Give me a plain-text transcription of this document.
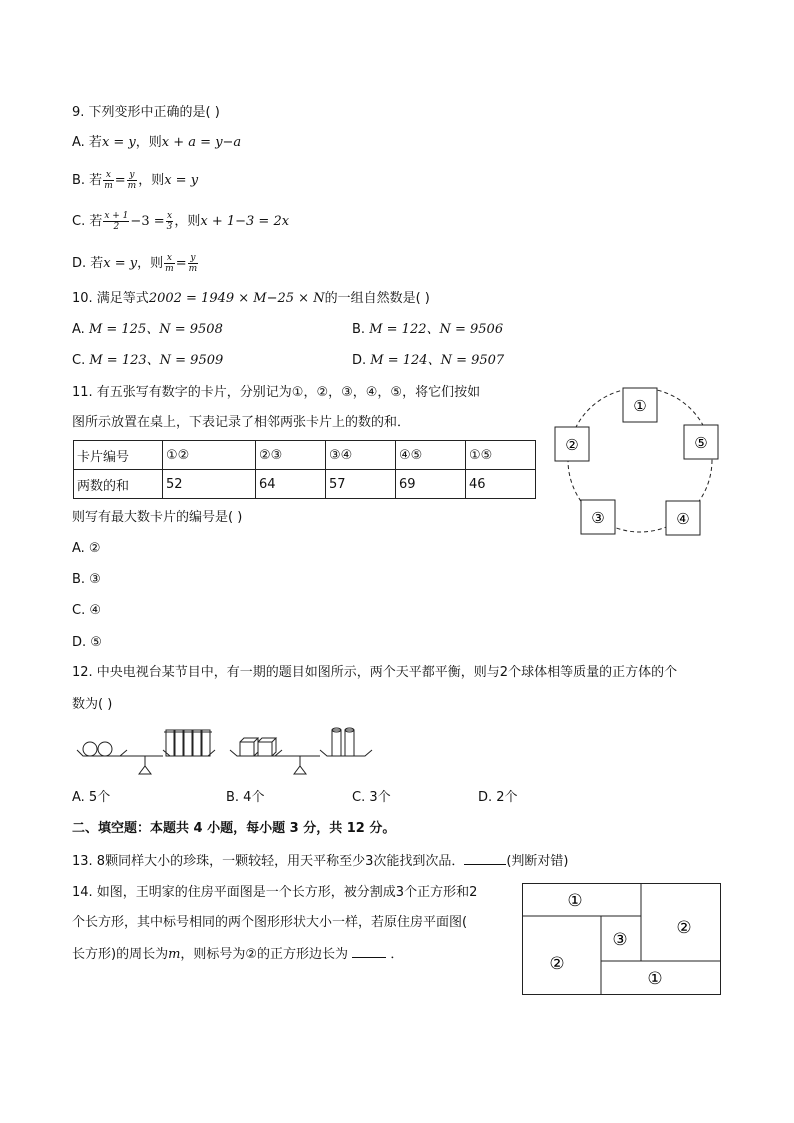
9. 下列变形中正确的是( )
A. 若x = y，则x + a = y−a
B. 若 $\frac{x}{m} = \frac{y}{m}$ ，则x = y
C. 若 $\frac{x + 1}{2} -3 = \frac{x}{3}$ ，则x + 1−3 = 2x
D. 若x = y，则 $\frac{x}{m} = \frac{y}{m}$
10. 满足等式2002 = 1949 × M−25 × N的一组自然数是( )
A. M = 125、N = 9508	B. M = 122、N = 9506
C. M = 123、N = 9509	D. M = 124、N = 9507
11. 有五张写有数字的卡片，分别记为①，②，③，④，⑤，将它们按如
图所示放置在桌上，下表记录了相邻两张卡片上的数的和．
卡片编号	①②	②③	③④	④⑤	①⑤
两数的和	52	64	57	69	46
①
②	⑤
③	④
则写有最大数卡片的编号是( )
A. ②
B. ③
C. ④
D. ⑤
12. 中央电视台某节目中，有一期的题目如图所示，两个天平都平衡，则与2个球体相等质量的正方体的个
数为( )
A. 5个	B. 4个	C. 3个	D. 2个
二、填空题：本题共 4 小题，每小题 3 分，共 12 分。
13. 8颗同样大小的珍珠，一颗较轻，用天平称至少3次能找到次品．	(判断对错)
14. 如图，王明家的住房平面图是一个长方形，被分割成3个正方形和2
个长方形，其中标号相同的两个图形形状大小一样，若原住房平面图(
长方形)的周长为m，则标号为②的正方形边长为	．
①
②
③
②
①
